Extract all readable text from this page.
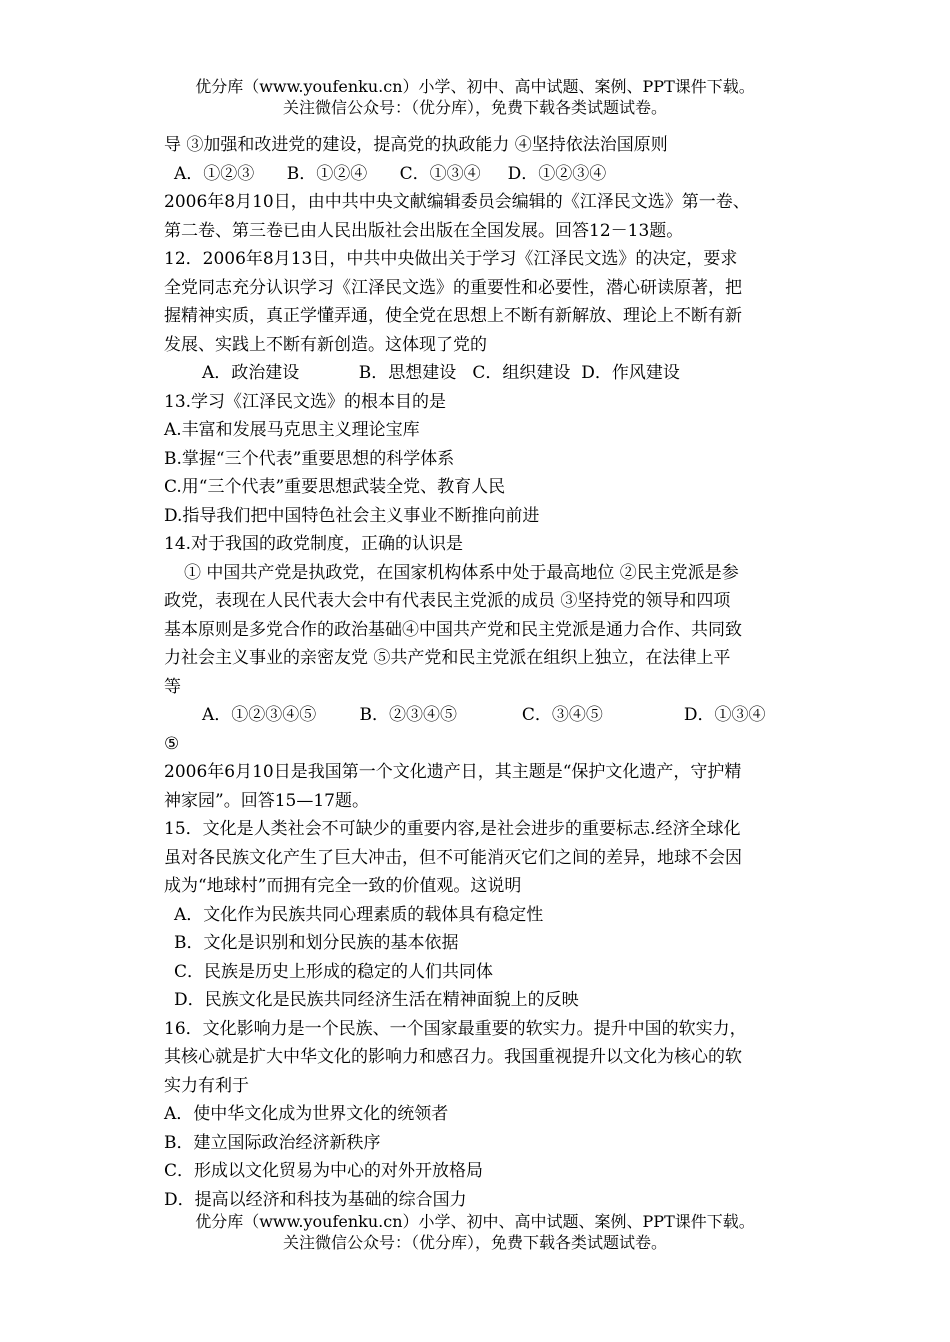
优分库（www.youfenku.cn）小学、初中、高中试题、案例、PPT课件下载。
关注微信公众号：（优分库），免费下载各类试题试卷。
导 ③加强和改进党的建设，提高党的执政能力 ④坚持依法治国原则
A．①②③      B．①②④      C．①③④     D．①②③④
2006年8月10日，由中共中央文献编辑委员会编辑的《江泽民文选》第一卷、
第二卷、第三卷已由人民出版社会出版在全国发展。回答12－13题。
12．2006年8月13日，中共中央做出关于学习《江泽民文选》的决定，要求
全党同志充分认识学习《江泽民文选》的重要性和必要性，潜心研读原著，把
握精神实质，真正学懂弄通，使全党在思想上不断有新解放、理论上不断有新
发展、实践上不断有新创造。这体现了党的
A．政治建设           B．思想建设   C．组织建设  D．作风建设
13.学习《江泽民文选》的根本目的是
A.丰富和发展马克思主义理论宝库
B.掌握“三个代表”重要思想的科学体系
C.用“三个代表”重要思想武装全党、教育人民
D.指导我们把中国特色社会主义事业不断推向前进
14.对于我国的政党制度，正确的认识是
① 中国共产党是执政党，在国家机构体系中处于最高地位 ②民主党派是参
政党，表现在人民代表大会中有代表民主党派的成员 ③坚持党的领导和四项
基本原则是多党合作的政治基础④中国共产党和民主党派是通力合作、共同致
力社会主义事业的亲密友党 ⑤共产党和民主党派在组织上独立，在法律上平
等
A．①②③④⑤        B．②③④⑤            C．③④⑤               D．①③④
⑤
2006年6月10日是我国第一个文化遗产日，其主题是“保护文化遗产，守护精
神家园”。回答15—17题。
15．文化是人类社会不可缺少的重要内容,是社会进步的重要标志.经济全球化
虽对各民族文化产生了巨大冲击，但不可能消灭它们之间的差异，地球不会因
成为“地球村”而拥有完全一致的价值观。这说明
A．文化作为民族共同心理素质的载体具有稳定性
B．文化是识别和划分民族的基本依据
C．民族是历史上形成的稳定的人们共同体
D．民族文化是民族共同经济生活在精神面貌上的反映
16．文化影响力是一个民族、一个国家最重要的软实力。提升中国的软实力，
其核心就是扩大中华文化的影响力和感召力。我国重视提升以文化为核心的软
实力有利于
A．使中华文化成为世界文化的统领者
B．建立国际政治经济新秩序
C．形成以文化贸易为中心的对外开放格局
D．提高以经济和科技为基础的综合国力
优分库（www.youfenku.cn）小学、初中、高中试题、案例、PPT课件下载。
关注微信公众号：（优分库），免费下载各类试题试卷。
